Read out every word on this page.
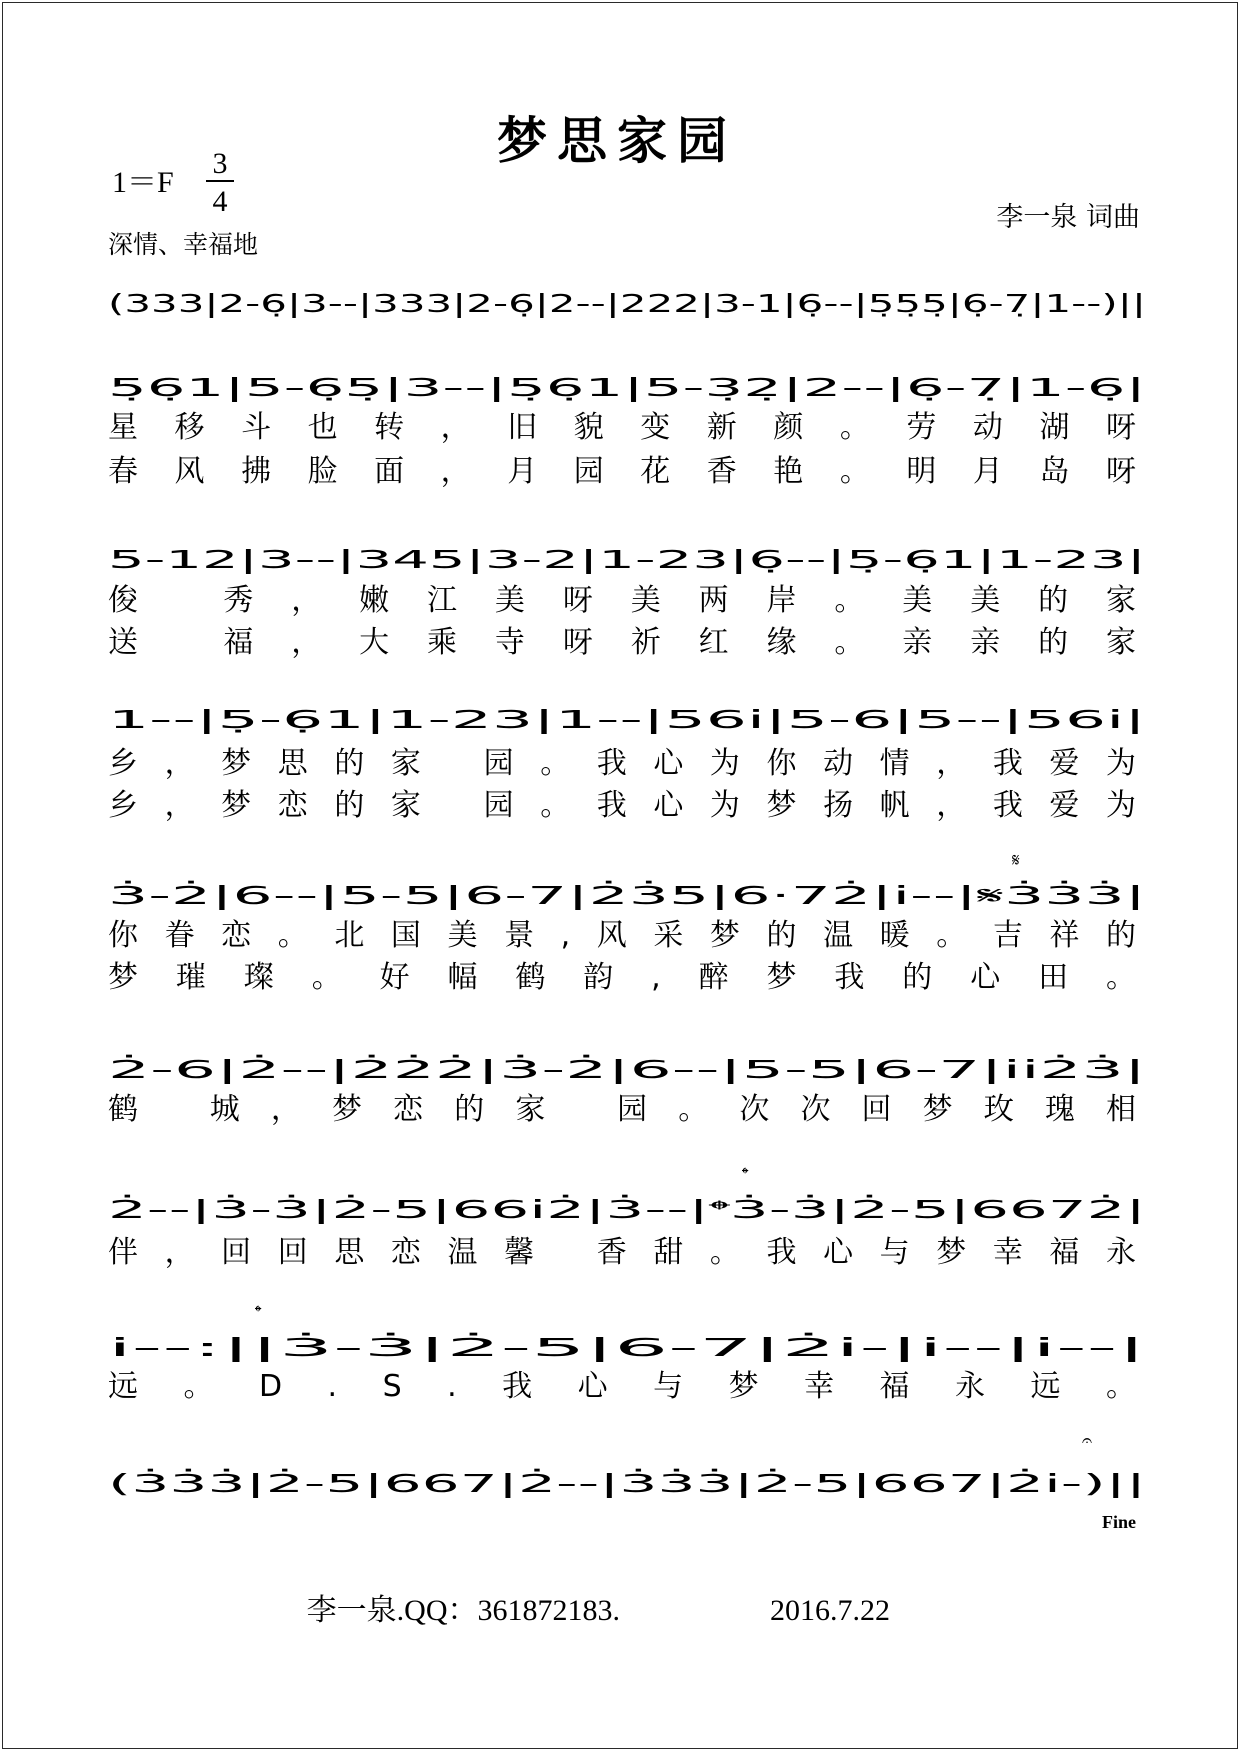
梦思家园
1＝F
3
4
深情、幸福地
李一泉 词曲
(333|2-6̣|3--|333|2-6̣|2--|222|3-1|6̣--|5̣5̣5̣|6̣-7̣|1--)||
5̣6̣1|5-6̣5̣|3--|5̣6̣1|5-3̣2̣|2--|6̣-7̣|1-6̣|
星移斗也转，旧貌变新颜。劳动湖呀
春风拂脸面，月园花香艳。明月岛呀
5-12|3--|345|3-2|1-23|6̣--|5̣-6̣1|1-23|
俊 秀，嫩江美呀美两岸。美美的家
送 福，大乘寺呀祈红缘。亲亲的家
1--|5̣-6̣1|1-23|1--|56i|5-6|5--|56i|
乡，梦思的家 园。我心为你动情，我爱为
乡，梦恋的家 园。我心为梦扬帆，我爱为
3̇-2̇|6--|5-5|6-7|2̇3̇5|6·72̇|i--|𝄋3̇3̇3̇|
你眷恋。北国美景,风采梦的温暖。吉祥的
梦璀璨。好幅鹤韵,醉梦我的心田。
2̇-6|2̇--|2̇2̇2̇|3̇-2̇|6--|5-5|6-7|ii2̇3̇|
鹤 城，梦恋的家 园。次次回梦玫瑰相
2̇--|3̇-3̇|2̇-5|66i2̇|3̇--|𝄌3̇-3̇|2̇-5|6672̇|
伴，回回思恋温馨 香甜。我心与梦幸福永
i--:||3̇-3̇|2̇-5|6-7|2̇i-|i--|i--|
远。D.S.我心与梦幸福永远。
(3̇3̇3̇|2̇-5|667|2̇--|3̇3̇3̇|2̇-5|667|2̇i-)||
𝄋
𝄌
𝄌
𝄐
Fine
李一泉.QQ：361872183.	2016.7.22
